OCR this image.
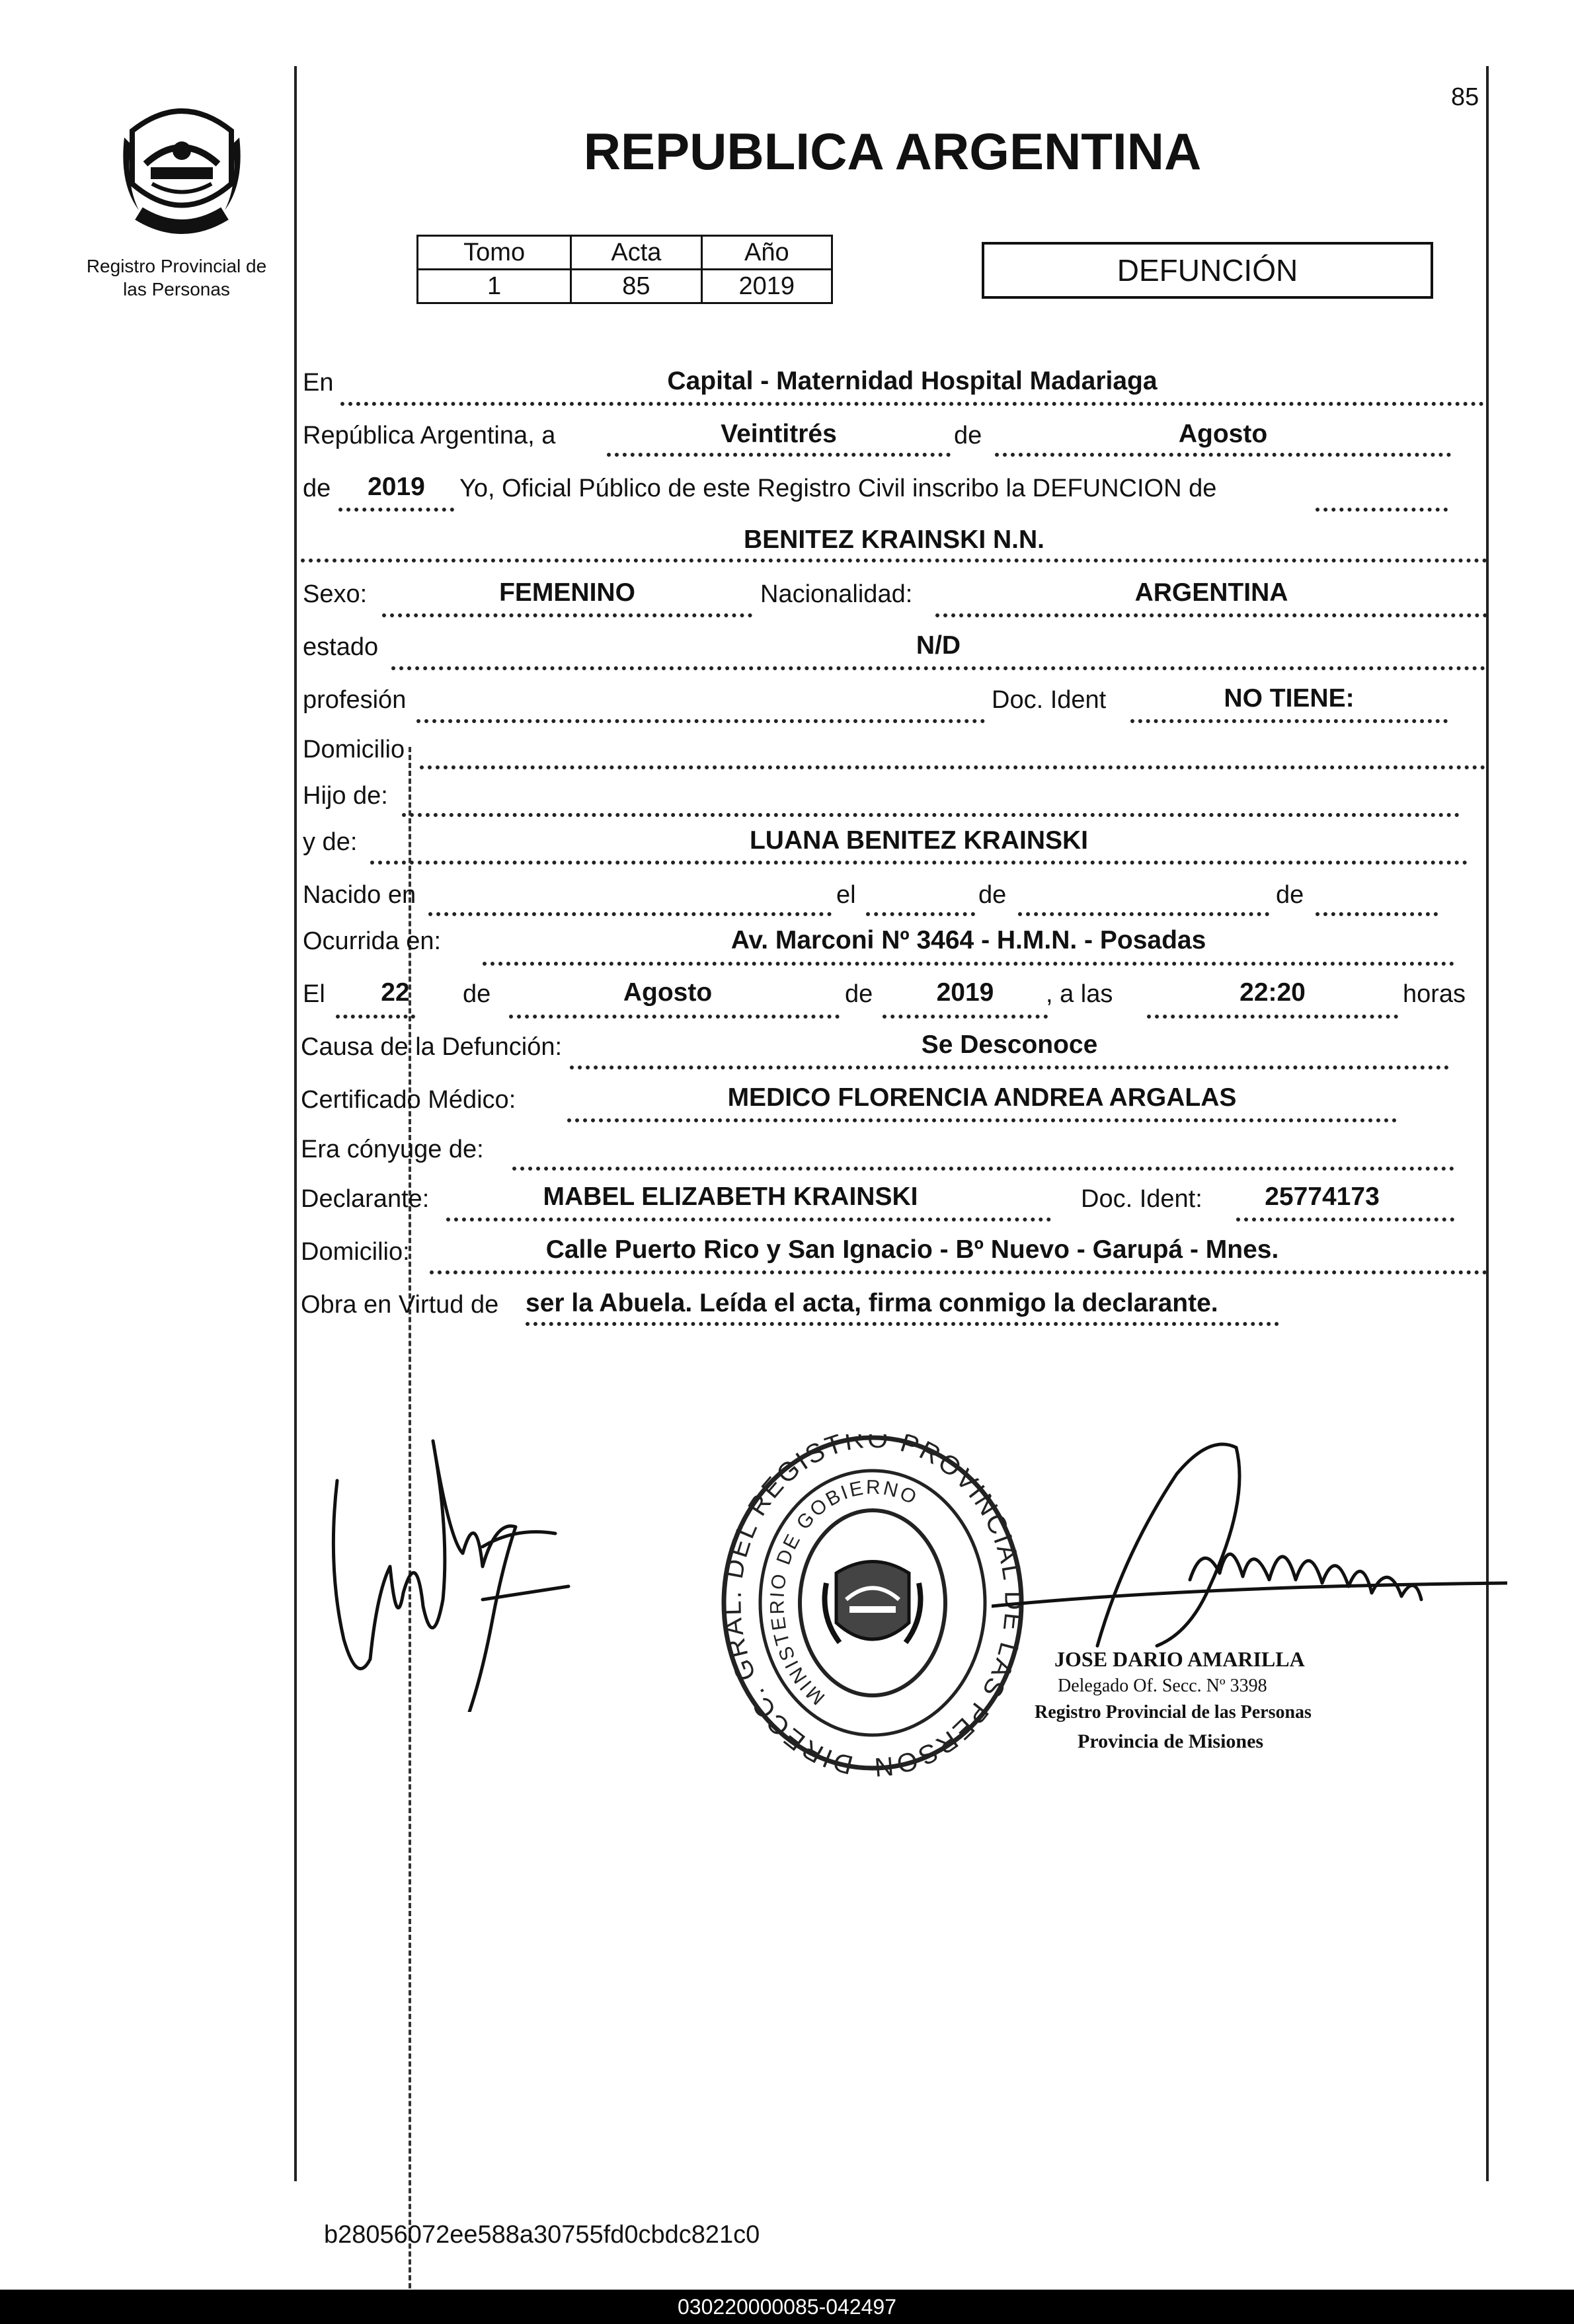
85
Registro Provincial de las Personas
REPUBLICA ARGENTINA
Tomo	Acta	Año
1	85	2019	DEFUNCIÓN
En	Capital - Maternidad Hospital Madariaga
República Argentina, a	Veintitrés	de	Agosto
de	2019	Yo, Oficial Público de este Registro Civil inscribo la DEFUNCION de
BENITEZ KRAINSKI N.N.
Sexo:	FEMENINO	Nacionalidad:	ARGENTINA
estado	N/D
profesión	Doc. Ident	NO TIENE:
Domicilio
Hijo de:
y de:	LUANA BENITEZ KRAINSKI
Nacido en	el	de	de
Ocurrida en:	Av. Marconi Nº 3464 - H.M.N. - Posadas
El	22	de	Agosto	de	2019	, a las	22:20	horas
Causa de la Defunción:	Se Desconoce
Certificado Médico:	MEDICO FLORENCIA ANDREA ARGALAS
Era cónyuge de:
Declarante:	MABEL ELIZABETH KRAINSKI	Doc. Ident:	25774173
Domicilio:	Calle Puerto Rico y San Ignacio - Bº Nuevo - Garupá - Mnes.
Obra en Virtud de ser la Abuela. Leída el acta, firma conmigo la declarante.
DIRECC. GRAL. DEL REGISTRO PROVINCIAL DE LAS PERSON
MINISTERIO DE GOBIERNO
JOSE DARIO AMARILLA
Delegado Of. Secc. Nº 3398
Registro Provincial de las Personas
Provincia de Misiones
b28056072ee588a30755fd0cbdc821c0
030220000085-042497
